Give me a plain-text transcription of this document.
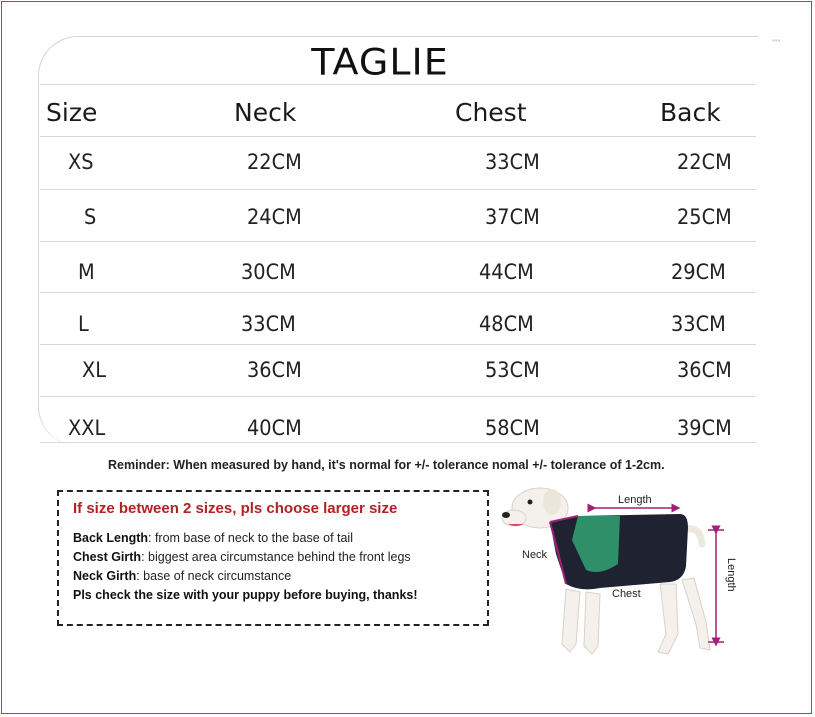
▪▪▪
TAGLIE
Size	Neck	Chest	Back
XS	22CM	33CM	22CM
S	24CM	37CM	25CM
M	30CM	44CM	29CM
L	33CM	48CM	33CM
XL	36CM	53CM	36CM
XXL	40CM	58CM	39CM
Reminder: When measured by hand, it's normal for +/- tolerance nomal +/- tolerance of 1-2cm.
If size between 2 sizes, pls choose larger size
Back Length: from base of neck to the base of tail
Chest Girth: biggest area circumstance behind the front legs
Neck Girth: base of neck circumstance
Pls check the size with your puppy before buying, thanks!
Length
Neck
Chest
Length
